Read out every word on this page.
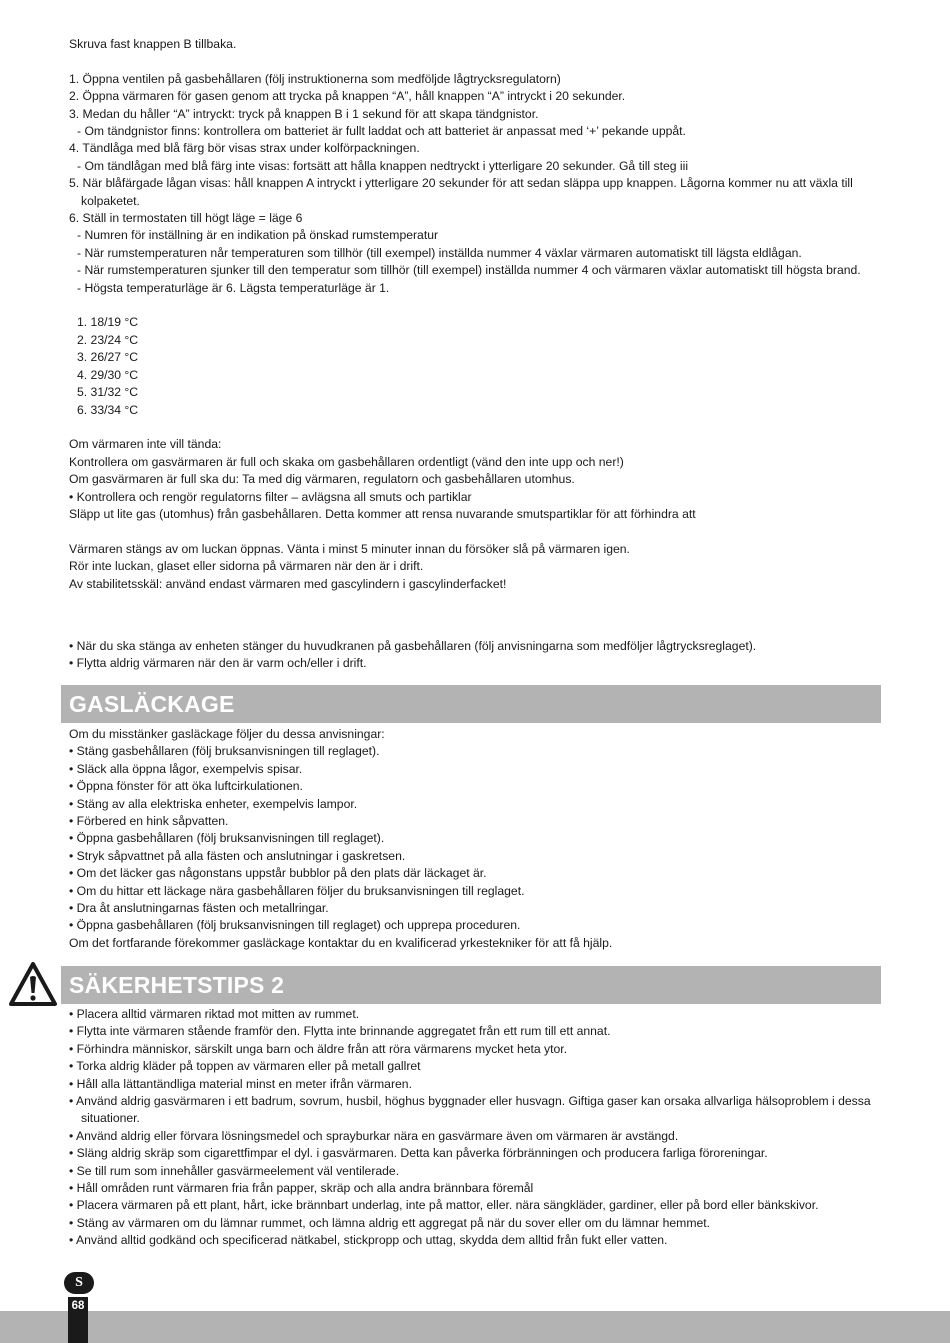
Skruva fast knappen B tillbaka.
1. Öppna ventilen på gasbehållaren (följ instruktionerna som medföljde lågtrycksregulatorn)
2. Öppna värmaren för gasen genom att trycka på knappen “A”, håll knappen “A” intryckt i 20 sekunder.
3. Medan du håller “A” intryckt: tryck på knappen B i 1 sekund för att skapa tändgnistor.
- Om tändgnistor finns: kontrollera om batteriet är fullt laddat och att batteriet är anpassat med ‘+’ pekande uppåt.
4. Tändlåga med blå färg bör visas strax under kolförpackningen.
- Om tändlågan med blå färg inte visas: fortsätt att hålla knappen nedtryckt i ytterligare 20 sekunder. Gå till steg iii
5. När blåfärgade lågan visas: håll knappen A intryckt i ytterligare 20 sekunder för att sedan släppa upp knappen. Lågorna kommer nu att växla till kolpaketet.
6. Ställ in termostaten till högt läge = läge 6
- Numren för inställning är en indikation på önskad rumstemperatur
- När rumstemperaturen når temperaturen som tillhör (till exempel) inställda nummer 4 växlar värmaren automatiskt till lägsta eldlågan.
- När rumstemperaturen sjunker till den temperatur som tillhör (till exempel) inställda nummer 4 och värmaren växlar automatiskt till högsta brand.
- Högsta temperaturläge är 6. Lägsta temperaturläge är 1.
1. 18/19 °C
2. 23/24 °C
3. 26/27 °C
4. 29/30 °C
5. 31/32 °C
6. 33/34 °C
Om värmaren inte vill tända:
Kontrollera om gasvärmaren är full och skaka om gasbehållaren ordentligt (vänd den inte upp och ner!)
Om gasvärmaren är full ska du: Ta med dig värmaren, regulatorn och gasbehållaren utomhus.
• Kontrollera och rengör regulatorns filter – avlägsna all smuts och partiklar
Släpp ut lite gas (utomhus) från gasbehållaren. Detta kommer att rensa nuvarande smutspartiklar för att förhindra att
Värmaren stängs av om luckan öppnas. Vänta i minst 5 minuter innan du försöker slå på värmaren igen.
Rör inte luckan, glaset eller sidorna på värmaren när den är i drift.
Av stabilitetsskäl: använd endast värmaren med gascylindern i gascylinderfacket!
• När du ska stänga av enheten stänger du huvudkranen på gasbehållaren (följ anvisningarna som medföljer lågtrycksreglaget).
• Flytta aldrig värmaren när den är varm och/eller i drift.
GASLÄCKAGE
Om du misstänker gasläckage följer du dessa anvisningar:
• Stäng gasbehållaren (följ bruksanvisningen till reglaget).
• Släck alla öppna lågor, exempelvis spisar.
• Öppna fönster för att öka luftcirkulationen.
• Stäng av alla elektriska enheter, exempelvis lampor.
• Förbered en hink såpvatten.
• Öppna gasbehållaren (följ bruksanvisningen till reglaget).
• Stryk såpvattnet på alla fästen och anslutningar i gaskretsen.
• Om det läcker gas någonstans uppstår bubblor på den plats där läckaget är.
• Om du hittar ett läckage nära gasbehållaren följer du bruksanvisningen till reglaget.
• Dra åt anslutningarnas fästen och metallringar.
• Öppna gasbehållaren (följ bruksanvisningen till reglaget) och upprepa proceduren.
Om det fortfarande förekommer gasläckage kontaktar du en kvalificerad yrkestekniker för att få hjälp.
SÄKERHETSTIPS 2
• Placera alltid värmaren riktad mot mitten av rummet.
• Flytta inte värmaren stående framför den. Flytta inte brinnande aggregatet från ett rum till ett annat.
• Förhindra människor, särskilt unga barn och äldre från att röra värmarens mycket heta ytor.
• Torka aldrig kläder på toppen av värmaren eller på metall gallret
• Håll alla lättantändliga material minst en meter ifrån värmaren.
• Använd aldrig gasvärmaren i ett badrum, sovrum, husbil, höghus byggnader eller husvagn. Giftiga gaser kan orsaka allvarliga hälsoproblem i dessa situationer.
• Använd aldrig eller förvara lösningsmedel och sprayburkar nära en gasvärmare även om värmaren är avstängd.
• Släng aldrig skräp som cigarettfimpar el dyl. i gasvärmaren. Detta kan påverka förbränningen och producera farliga föroreningar.
• Se till rum som innehåller gasvärmeelement väl ventilerade.
• Håll områden runt värmaren fria från papper, skräp och alla andra brännbara föremål
• Placera värmaren på ett plant, hårt, icke brännbart underlag, inte på mattor, eller. nära sängkläder, gardiner, eller på bord eller bänkskivor.
• Stäng av värmaren om du lämnar rummet, och lämna aldrig ett aggregat på när du sover eller om du lämnar hemmet.
• Använd alltid godkänd och specificerad nätkabel, stickpropp och uttag, skydda dem alltid från fukt eller vatten.
S
68
